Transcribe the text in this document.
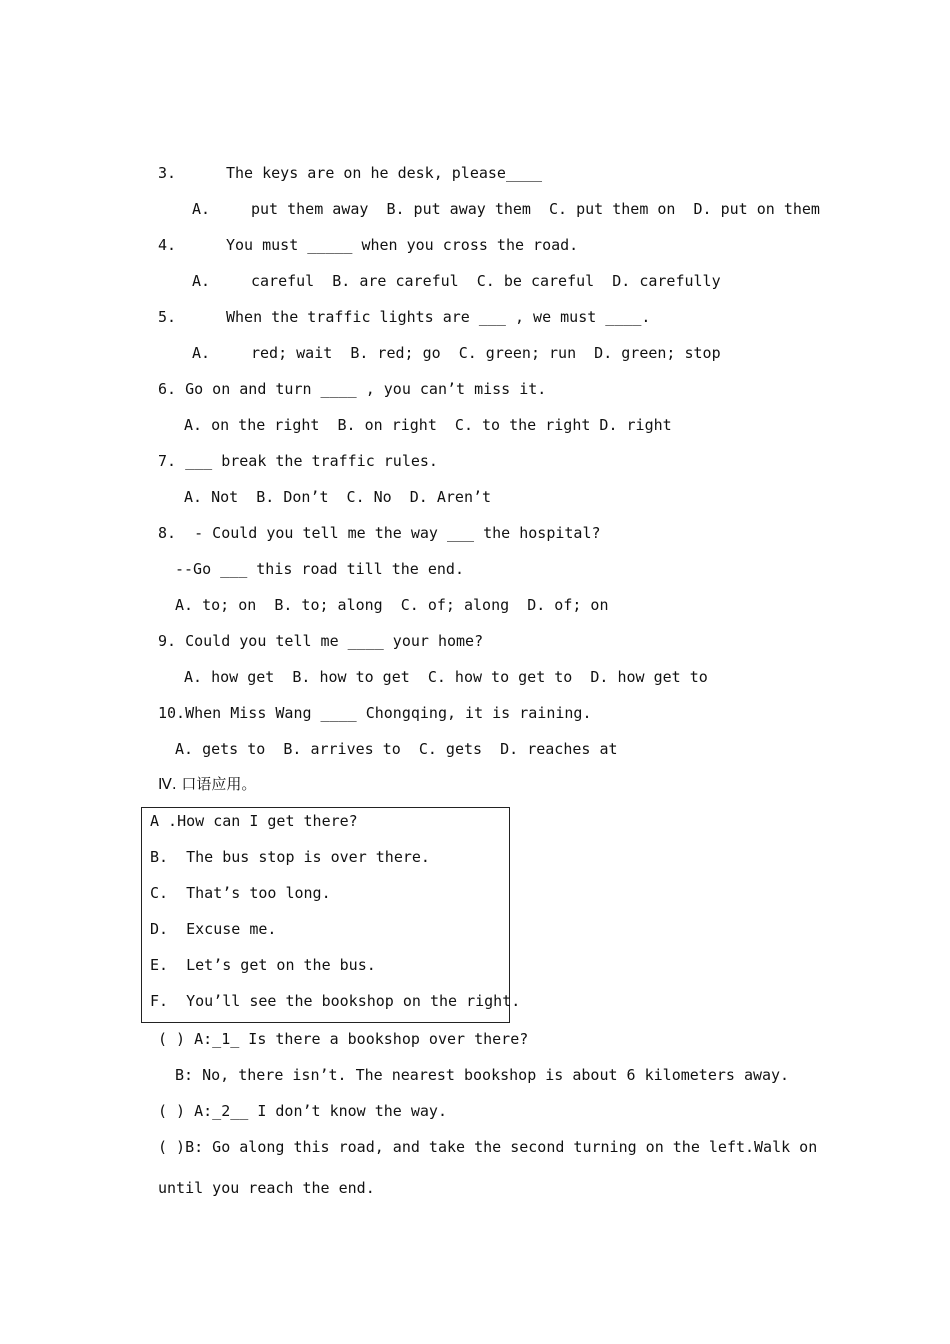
3.	The keys are on he desk, please____
A.	put them away  B. put away them  C. put them on  D. put on them
4.	You must _____ when you cross the road.
A.	careful  B. are careful  C. be careful  D. carefully
5.	When the traffic lights are ___ , we must ____.
A.	red; wait  B. red; go  C. green; run  D. green; stop
6. Go on and turn ____ , you can’t miss it.
A. on the right  B. on right  C. to the right D. right
7. ___ break the traffic rules.
A. Not  B. Don’t  C. No  D. Aren’t
8.  - Could you tell me the way ___ the hospital?
--Go ___ this road till the end.
A. to; on  B. to; along  C. of; along  D. of; on
9. Could you tell me ____ your home?
A. how get  B. how to get  C. how to get to  D. how get to
10.When Miss Wang ____ Chongqing, it is raining.
A. gets to  B. arrives to  C. gets  D. reaches at
Ⅳ. 口语应用。
A .How can I get there?
B.  The bus stop is over there.
C.  That’s too long.
D.  Excuse me.
E.  Let’s get on the bus.
F.  You’ll see the bookshop on the right.
( ) A:_1_ Is there a bookshop over there?
B: No, there isn’t. The nearest bookshop is about 6 kilometers away.
( ) A:_2__ I don’t know the way.
( )B: Go along this road, and take the second turning on the left.Walk on
until you reach the end.
